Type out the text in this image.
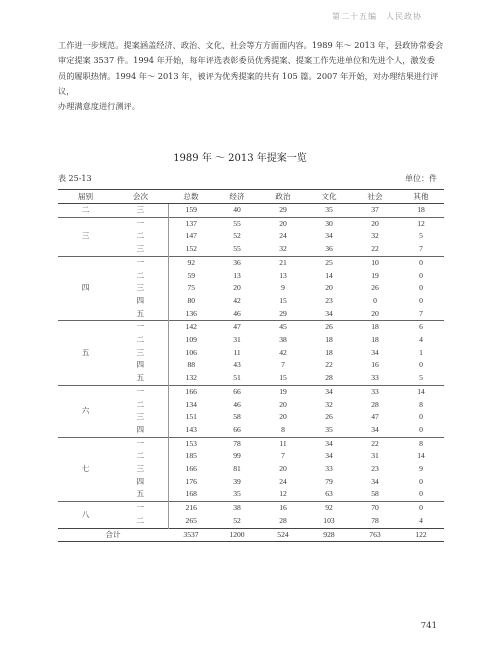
第二十五编　人民政协

工作进一步规范。提案涵盖经济、政治、文化、社会等方方面面内容。1989 年～ 2013 年，县政协常委会

审定提案 3537 件。1994 年开始，每年评选表彰委员优秀提案、提案工作先进单位和先进个人，激发委

员的履职热情。1994 年～ 2013 年，被评为优秀提案的共有 105 篇。2007 年开始，对办理结果进行评议，

办理满意度进行测评。

1989 年 ～ 2013 年提案一览
表 25-13	单位：件
届别	会次	总数	经济	政治	文化	社会	其他
二	三	159	40	29	35	37	18
三	一	137	55	20	30	20	12
	二	147	52	24	34	32	5
	三	152	55	32	36	22	7
四	一	92	36	21	25	10	0
	二	59	13	13	14	19	0
	三	75	20	9	20	26	0
	四	80	42	15	23	0	0
	五	136	46	29	34	20	7
五	一	142	47	45	26	18	6
	二	109	31	38	18	18	4
	三	106	11	42	18	34	1
	四	88	43	7	22	16	0
	五	132	51	15	28	33	5
六	一	166	66	19	34	33	14
	二	134	46	20	32	28	8
	三	151	58	20	26	47	0
	四	143	66	8	35	34	0
七	一	153	78	11	34	22	8
	二	185	99	7	34	31	14
	三	166	81	20	33	23	9
	四	176	39	24	79	34	0
	五	168	35	12	63	58	0
八	一	216	38	16	92	70	0
	二	265	52	28	103	78	4
合计		3537	1200	524	928	763	122
741
